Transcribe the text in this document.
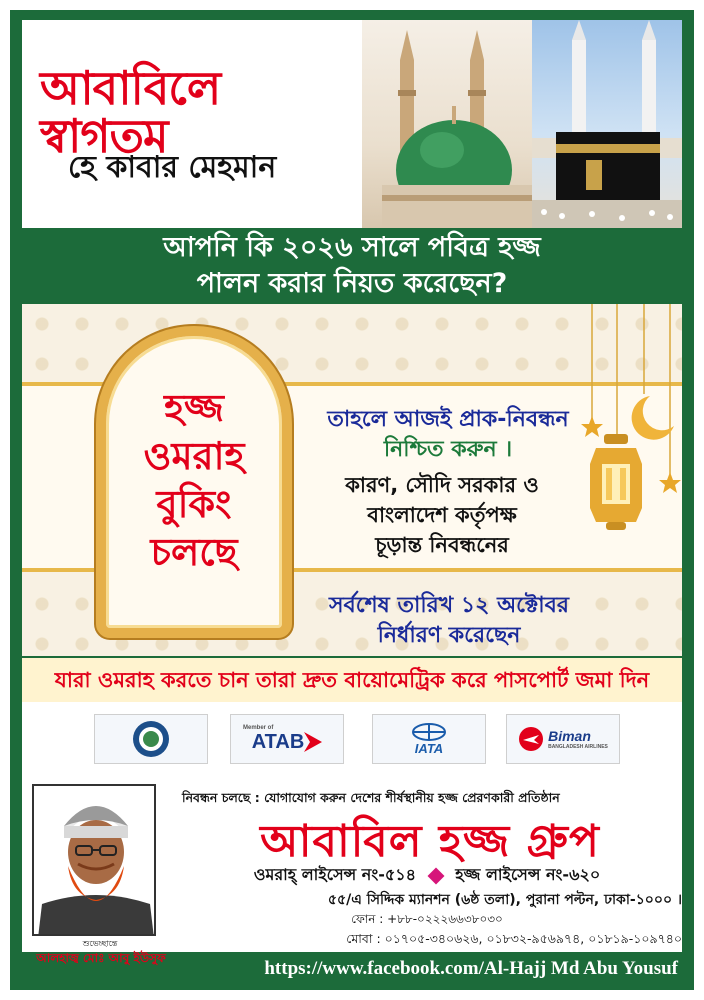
আবাবিলে স্বাগতম
হে কাবার মেহমান
আপনি কি ২০২৬ সালে পবিত্র হজ্জ
পালন করার নিয়ত করেছেন?
হজ্জ
ওমরাহ
বুকিং
চলছে
তাহলে আজই প্রাক-নিবন্ধন
নিশ্চিত করুন ।
কারণ, সৌদি সরকার ও
বাংলাদেশ কর্তৃপক্ষ
চূড়ান্ত নিবন্ধনের
সর্বশেষ তারিখ ১২ অক্টোবর
নির্ধারণ করেছেন
যারা ওমরাহ করতে চান তারা দ্রুত বায়োমেট্রিক করে পাসপোর্ট জমা দিন
Member of
ATAB	IATA
Biman
BANGLADESH AIRLINES
শুভেচ্ছান্তে
আলহাজ্ব মোঃ আবু ইউসুফ
নিবন্ধন চলছে : যোগাযোগ করুন দেশের শীর্ষস্থানীয় হজ্জ প্রেরণকারী প্রতিষ্ঠান
আবাবিল হজ্জ গ্রুপ
ওমরাহ্ লাইসেন্স নং-৫১৪ হজ্জ লাইসেন্স নং-৬২০
৫৫/এ সিদ্দিক ম্যানশন (৬ষ্ঠ তলা), পুরানা পল্টন, ঢাকা-১০০০ ।
ফোন : +৮৮-০২২২৬৬৩৮০৩০
মোবা : ০১৭০৫-৩৪০৬২৬, ০১৮৩২-৯৫৬৯৭৪, ০১৮১৯-১০৯৭৪০
https://www.facebook.com/Al-Hajj Md Abu Yousuf
